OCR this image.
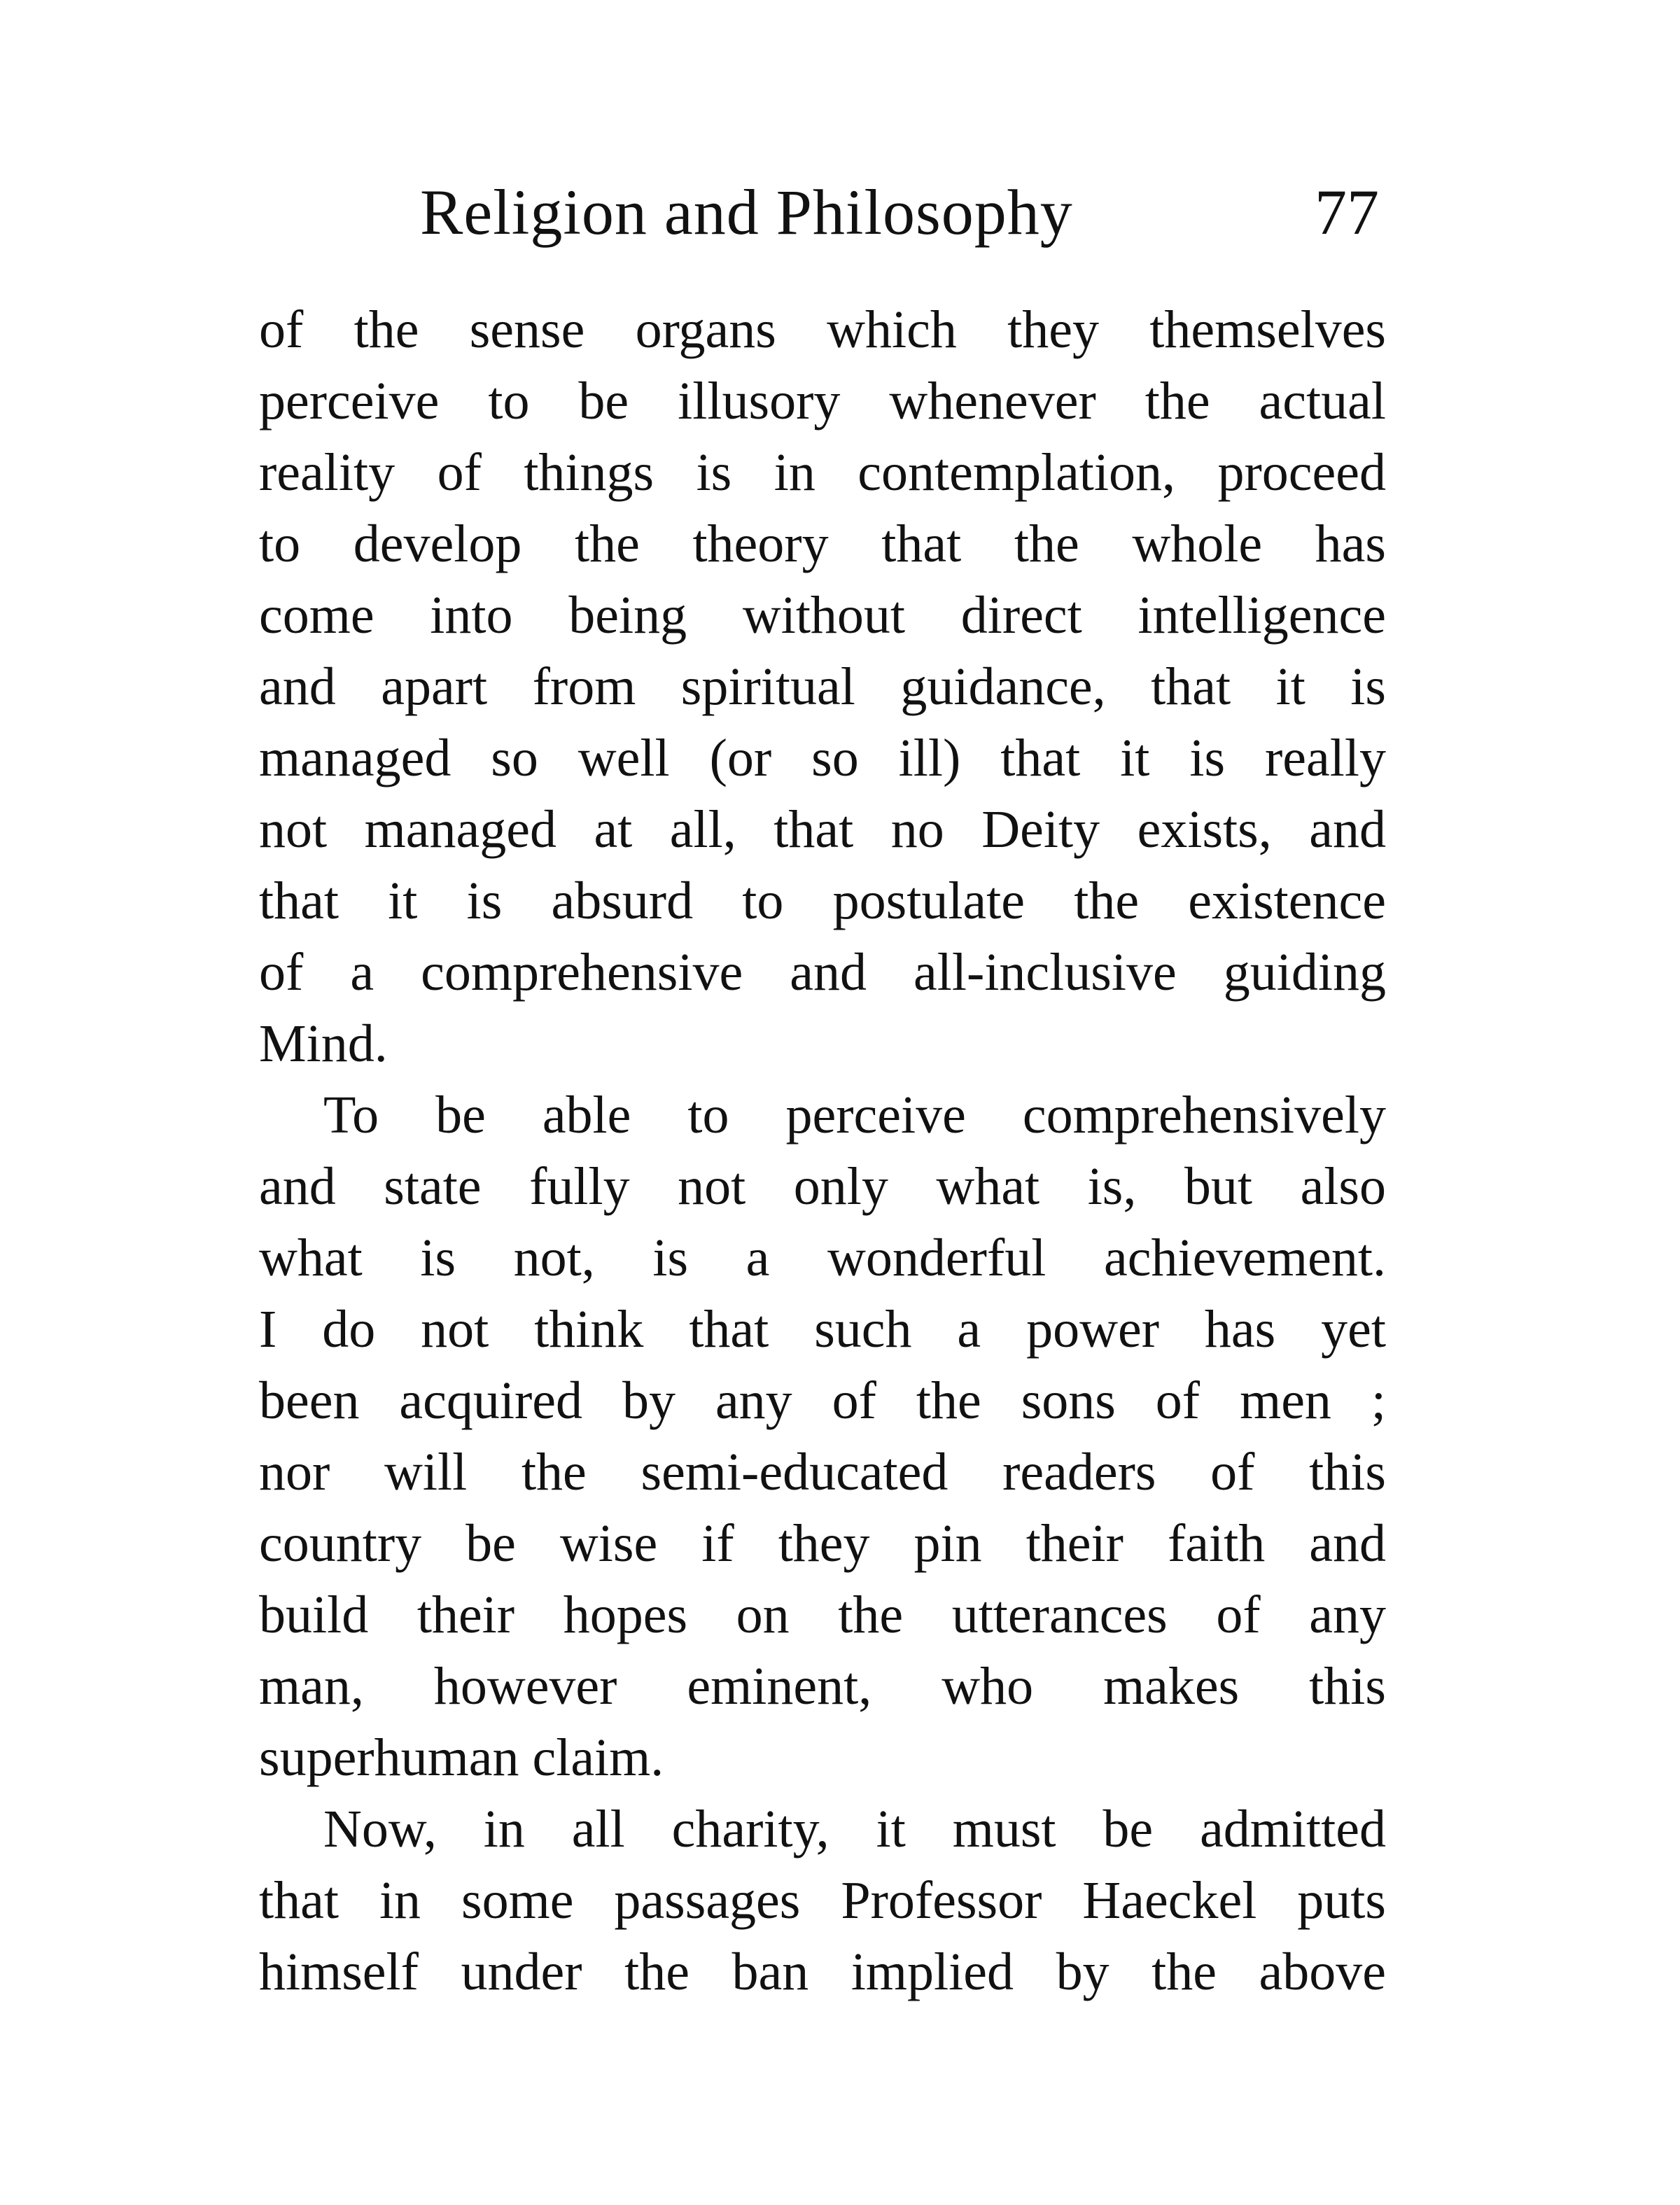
Religion and Philosophy	77
of the sense organs which they themselves
perceive to be illusory whenever the actual
reality of things is in contemplation, proceed
to develop the theory that the whole has
come into being without direct intelligence
and apart from spiritual guidance, that it is
managed so well (or so ill) that it is really
not managed at all, that no Deity exists, and
that it is absurd to postulate the existence
of a comprehensive and all-inclusive guiding
Mind.
To be able to perceive comprehensively
and state fully not only what is, but also
what is not, is a wonderful achievement.
I do not think that such a power has yet
been acquired by any of the sons of men ;
nor will the semi-educated readers of this
country be wise if they pin their faith and
build their hopes on the utterances of any
man, however eminent, who makes this
superhuman claim.
Now, in all charity, it must be admitted
that in some passages Professor Haeckel puts
himself under the ban implied by the above
